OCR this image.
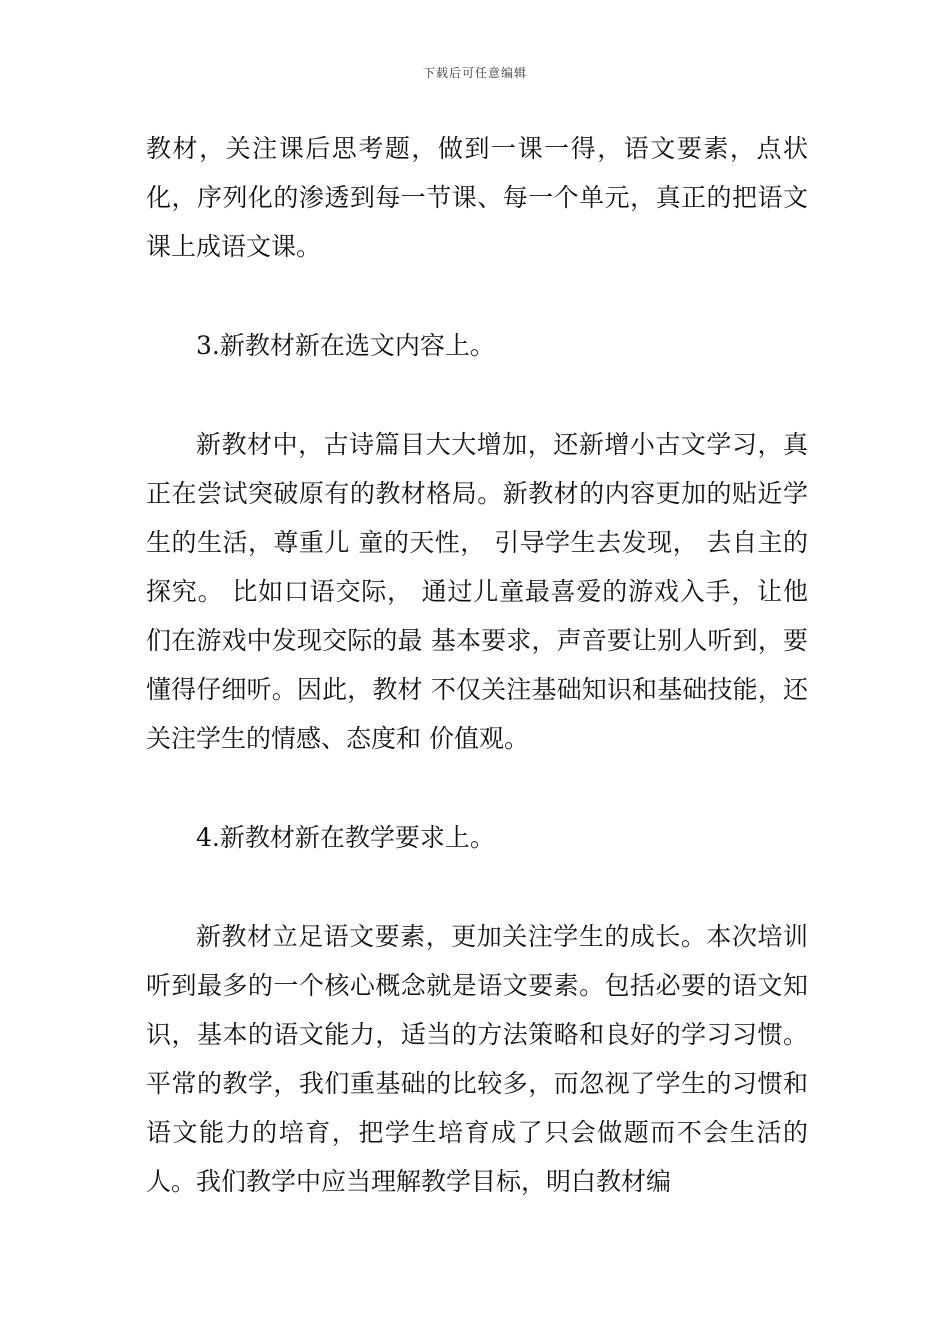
下载后可任意编辑

教材，关注课后思考题，做到一课一得，语文要素，点状化，序列化的渗透到每一节课、每一个单元，真正的把语文课上成语文课。

3.新教材新在选文内容上。

新教材中，古诗篇目大大增加，还新增小古文学习，真正在尝试突破原有的教材格局。新教材的内容更加的贴近学生的生活，尊重儿 童的天性， 引导学生去发现， 去自主的探究。 比如口语交际， 通过儿童最喜爱的游戏入手，让他们在游戏中发现交际的最 基本要求，声音要让别人听到，要懂得仔细听。因此，教材 不仅关注基础知识和基础技能，还关注学生的情感、态度和 价值观。

4.新教材新在教学要求上。

新教材立足语文要素，更加关注学生的成长。本次培训听到最多的一个核心概念就是语文要素。包括必要的语文知识，基本的语文能力，适当的方法策略和良好的学习习惯。平常的教学，我们重基础的比较多，而忽视了学生的习惯和语文能力的培育，把学生培育成了只会做题而不会生活的人。我们教学中应当理解教学目标，明白教材编
